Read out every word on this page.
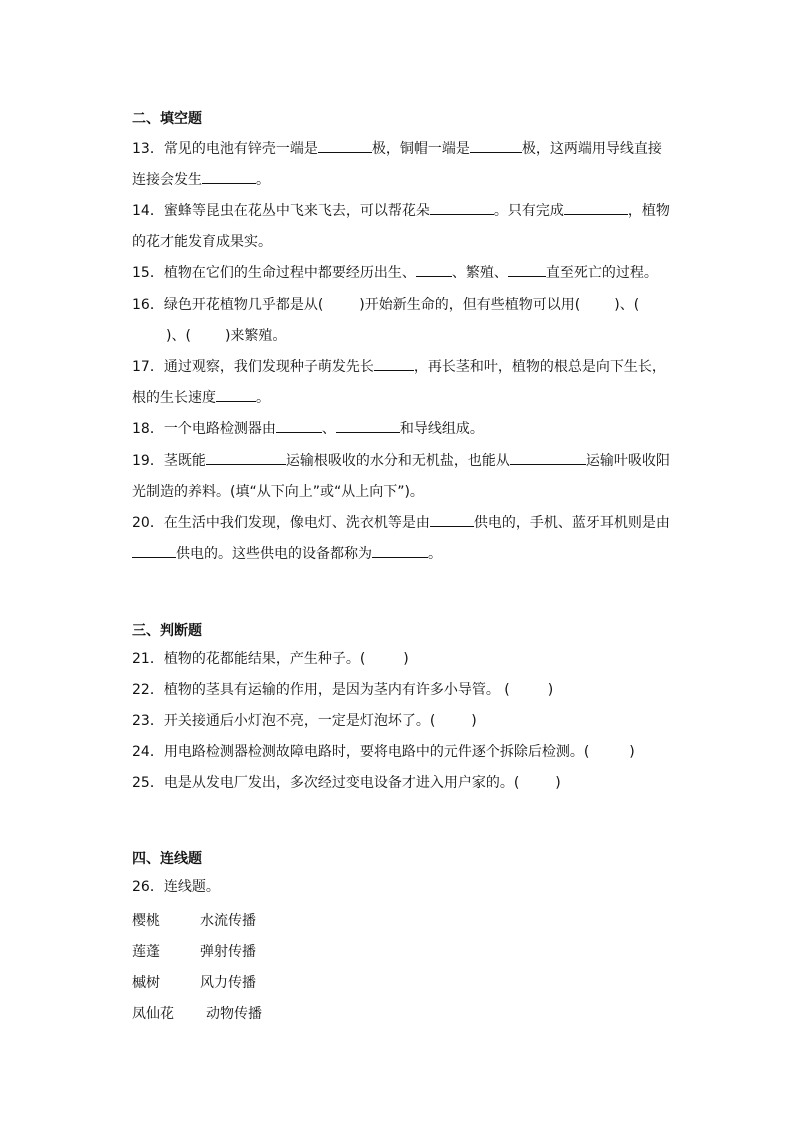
二、填空题
13．常见的电池有锌壳一端是	极，铜帽一端是	极，这两端用导线直接连接会发生	。
14．蜜蜂等昆虫在花丛中飞来飞去，可以帮花朵	。只有完成	，植物的花才能发育成果实。
15．植物在它们的生命过程中都要经历出生、	、繁殖、	直至死亡的过程。
16．绿色开花植物几乎都是从(	)开始新生命的，但有些植物可以用( )、()、( )来繁殖。
17．通过观察，我们发现种子萌发先长	，再长茎和叶，植物的根总是向下生长，根的生长速度	。
18．一个电路检测器由	、	和导线组成。
19．茎既能	运输根吸收的水分和无机盐，也能从	运输叶吸收阳光制造的养料。(填“从下向上”或“从上向下”)。
20．在生活中我们发现，像电灯、洗衣机等是由	供电的，手机、蓝牙耳机则是由供电的。这些供电的设备都称为	。
三、判断题
21．植物的花都能结果，产生种子。(	)
22．植物的茎具有运输的作用，是因为茎内有许多小导管。 (	)
23．开关接通后小灯泡不亮，一定是灯泡坏了。(	)
24．用电路检测器检测故障电路时，要将电路中的元件逐个拆除后检测。(	)
25．电是从发电厂发出，多次经过变电设备才进入用户家的。(	)
四、连线题
26．连线题。
樱桃	水流传播
莲蓬	弹射传播
槭树	风力传播
凤仙花 动物传播
